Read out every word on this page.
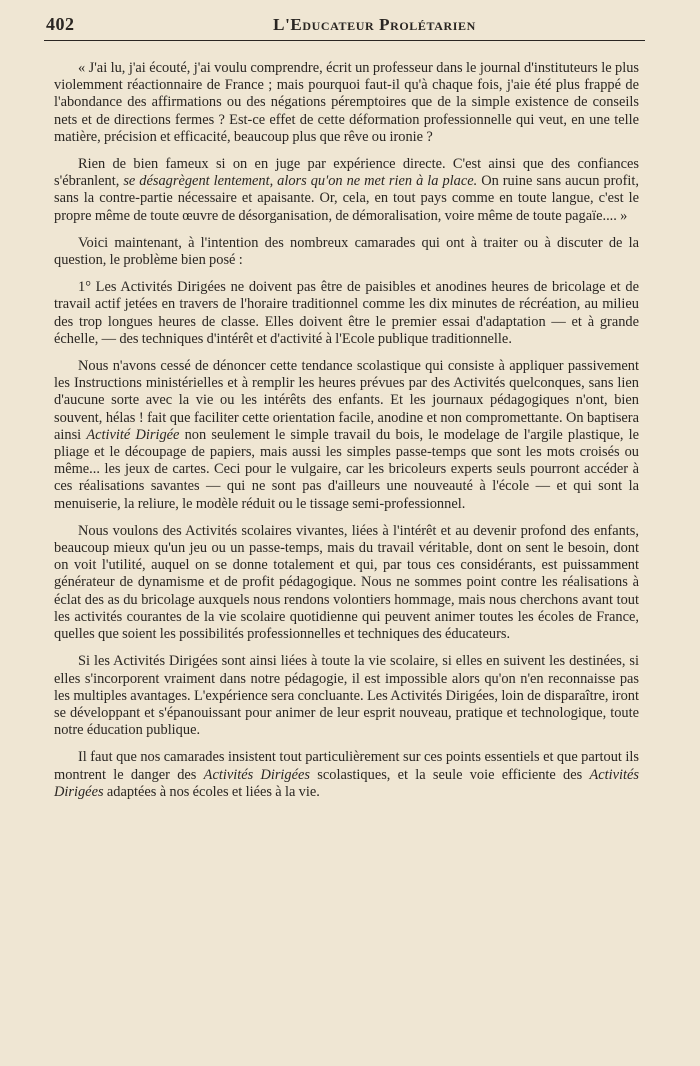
402	L'Educateur Prolétarien

« J'ai lu, j'ai écouté, j'ai voulu comprendre, écrit un professeur dans le journal d'instituteurs le plus violemment réactionnaire de France ; mais pourquoi faut-il qu'à chaque fois, j'aie été plus frappé de l'abondance des affirmations ou des négations péremptoires que de la simple existence de conseils nets et de directions fermes ? Est-ce effet de cette déformation professionnelle qui veut, en une telle matière, précision et efficacité, beaucoup plus que rêve ou ironie ?

Rien de bien fameux si on en juge par expérience directe. C'est ainsi que des confiances s'ébranlent, se désagrègent lentement, alors qu'on ne met rien à la place. On ruine sans aucun profit, sans la contre-partie nécessaire et apaisante. Or, cela, en tout pays comme en toute langue, c'est le propre même de toute œuvre de désorganisation, de démoralisation, voire même de toute pagaïe.... »

Voici maintenant, à l'intention des nombreux camarades qui ont à traiter ou à discuter de la question, le problème bien posé :

1° Les Activités Dirigées ne doivent pas être de paisibles et anodines heures de bricolage et de travail actif jetées en travers de l'horaire traditionnel comme les dix minutes de récréation, au milieu des trop longues heures de classe. Elles doivent être le premier essai d'adaptation — et à grande échelle, — des techniques d'intérêt et d'activité à l'Ecole publique traditionnelle.

Nous n'avons cessé de dénoncer cette tendance scolastique qui consiste à appliquer passivement les Instructions ministérielles et à remplir les heures prévues par des Activités quelconques, sans lien d'aucune sorte avec la vie ou les intérêts des enfants. Et les journaux pédagogiques n'ont, bien souvent, hélas ! fait que faciliter cette orientation facile, anodine et non compromettante. On baptisera ainsi Activité Dirigée non seulement le simple travail du bois, le modelage de l'argile plastique, le pliage et le découpage de papiers, mais aussi les simples passe-temps que sont les mots croisés ou même... les jeux de cartes. Ceci pour le vulgaire, car les bricoleurs experts seuls pourront accéder à ces réalisations savantes — qui ne sont pas d'ailleurs une nouveauté à l'école — et qui sont la menuiserie, la reliure, le modèle réduit ou le tissage semi-professionnel.

Nous voulons des Activités scolaires vivantes, liées à l'intérêt et au devenir profond des enfants, beaucoup mieux qu'un jeu ou un passe-temps, mais du travail véritable, dont on sent le besoin, dont on voit l'utilité, auquel on se donne totalement et qui, par tous ces considérants, est puissamment générateur de dynamisme et de profit pédagogique. Nous ne sommes point contre les réalisations à éclat des as du bricolage auxquels nous rendons volontiers hommage, mais nous cherchons avant tout les activités courantes de la vie scolaire quotidienne qui peuvent animer toutes les écoles de France, quelles que soient les possibilités professionnelles et techniques des éducateurs.

Si les Activités Dirigées sont ainsi liées à toute la vie scolaire, si elles en suivent les destinées, si elles s'incorporent vraiment dans notre pédagogie, il est impossible alors qu'on n'en reconnaisse pas les multiples avantages. L'expérience sera concluante. Les Activités Dirigées, loin de disparaître, iront se développant et s'épanouissant pour animer de leur esprit nouveau, pratique et technologique, toute notre éducation publique.

Il faut que nos camarades insistent tout particulièrement sur ces points essentiels et que partout ils montrent le danger des Activités Dirigées scolastiques, et la seule voie efficiente des Activités Dirigées adaptées à nos écoles et liées à la vie.
